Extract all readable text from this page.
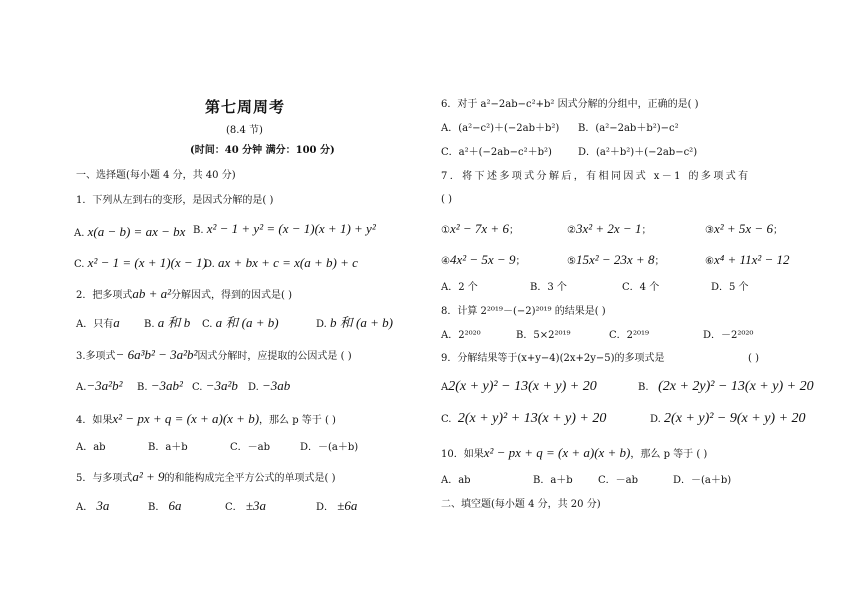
第七周周考
(8.4 节)
(时间：40 分钟 满分：100 分)
一、选择题(每小题 4 分，共 40 分)
1．下列从左到右的变形，是因式分解的是( )
A. x(a − b) = ax − bx B. x² − 1 + y² = (x − 1)(x + 1) + y²
C. x² − 1 = (x + 1)(x − 1)
D. ax + bx + c = x(a + b) + c
2．把多项式ab + a²分解因式，得到的因式是( )
A．只有a B. a 和 b C. a 和 (a + b)	D. b 和 (a + b)
3.多项式− 6a³b² − 3a²b²因式分解时，应提取的公因式是 ( )
A.−3a²b² B. −3ab² C. −3a²b D. −3ab
4．如果x² − px + q = (x + a)(x + b)，那么 p 等于 ( )
A．ab	B．a＋b	C．－ab	D．－(a＋b)
5．与多项式a² + 9的和能构成完全平方公式的单项式是( )
A． 3a	B． 6a	C． ±3a	D． ±6a
6．对于 a²−2ab−c²+b² 因式分解的分组中，正确的是( )
A．(a²−c²)＋(−2ab＋b²) B．(a²−2ab＋b²)−c²
C．a²＋(−2ab−c²＋b²)	D．(a²＋b²)＋(−2ab−c²)
7．将下述多项式分解后，有相同因式 x－1 的多项式有
( )
①x² − 7x + 6；	②3x² + 2x − 1；	③x² + 5x − 6；
④4x² − 5x − 9；	⑤15x² − 23x + 8；	⑥x⁴ + 11x² − 12
A．2 个	B．3 个	C．4 个	D．5 个
8．计算 2²⁰¹⁹－(−2)²⁰¹⁹ 的结果是( )
A．2²⁰²⁰	B．5×2²⁰¹⁹	C．2²⁰¹⁹	D．－2²⁰²⁰
9．分解结果等于(x+y−4)(2x+2y−5)的多项式是	( )
A2(x + y)² − 13(x + y) + 20	B. (2x + 2y)² − 13(x + y) + 20
C. 2(x + y)² + 13(x + y) + 20	D. 2(x + y)² − 9(x + y) + 20
10．如果x² − px + q = (x + a)(x + b)，那么 p 等于 ( )
A．ab	B．a＋b	C．－ab	D．－(a＋b)
二、填空题(每小题 4 分，共 20 分)
